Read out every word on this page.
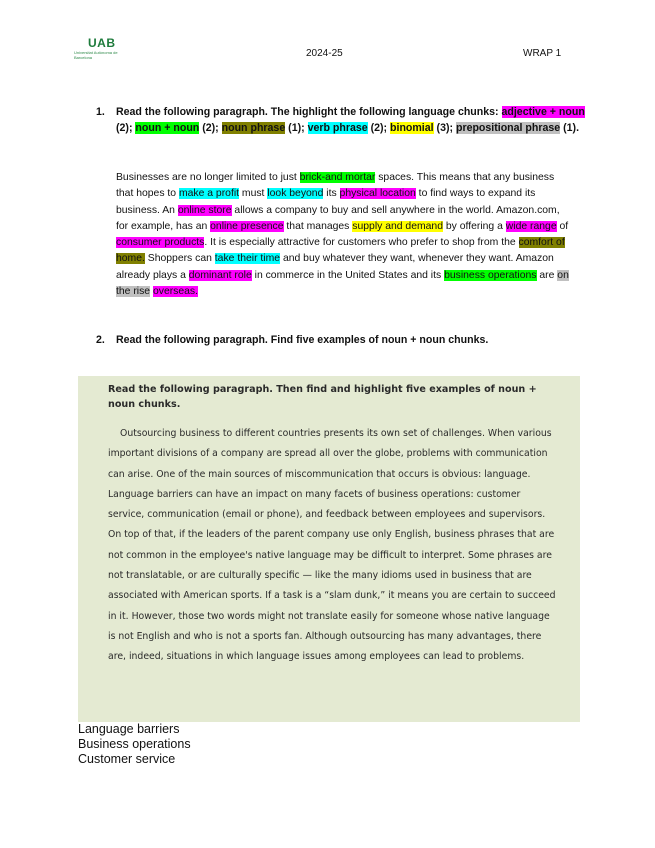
UAB
Universitat Autònoma de Barcelona	2024-25	WRAP 1
1.	Read the following paragraph. The highlight the following language chunks: adjective + noun (2); noun + noun (2); noun phrase (1); verb phrase (2); binomial (3); prepositional phrase (1).
Businesses are no longer limited to just brick-and mortar spaces. This means that any business that hopes to make a profit must look beyond its physical location to find ways to expand its business. An online store allows a company to buy and sell anywhere in the world. Amazon.com, for example, has an online presence that manages supply and demand by offering a wide range of consumer products. It is especially attractive for customers who prefer to shop from the comfort of home. Shoppers can take their time and buy whatever they want, whenever they want. Amazon already plays a dominant role in commerce in the United States and its business operations are on the rise overseas.
2.	Read the following paragraph. Find five examples of noun + noun chunks.
Read the following paragraph. Then find and highlight five examples of noun + noun chunks.
Outsourcing business to different countries presents its own set of challenges. When various important divisions of a company are spread all over the globe, problems with communication can arise. One of the main sources of miscommunication that occurs is obvious: language. Language barriers can have an impact on many facets of business operations: customer service, communication (email or phone), and feedback between employees and supervisors. On top of that, if the leaders of the parent company use only English, business phrases that are not common in the employee's native language may be difficult to interpret. Some phrases are not translatable, or are culturally specific — like the many idioms used in business that are associated with American sports. If a task is a “slam dunk,” it means you are certain to succeed in it. However, those two words might not translate easily for someone whose native language is not English and who is not a sports fan. Although outsourcing has many advantages, there are, indeed, situations in which language issues among employees can lead to problems.
Language barriers
Business operations
Customer service
